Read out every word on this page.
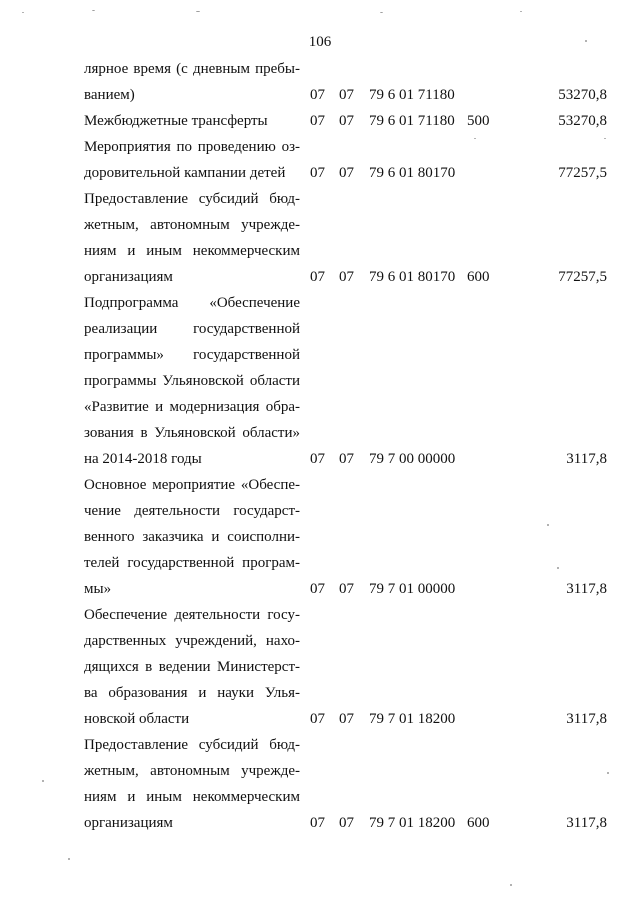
106
лярное время (с дневным пребы-
ванием)	07 07 79 6 01 71180	53270,8
Межбюджетные трансферты	07 07 79 6 01 71180 500	53270,8
Мероприятия по проведению оз-
доровительной кампании детей	07 07 79 6 01 80170	77257,5
Предоставление субсидий бюд-
жетным, автономным учрежде-
ниям и иным некоммерческим
организациям	07 07 79 6 01 80170 600	77257,5
Подпрограмма «Обеспечение
реализации государственной
программы» государственной
программы Ульяновской области
«Развитие и модернизация обра-
зования в Ульяновской области»
на 2014-2018 годы	07 07 79 7 00 00000	3117,8
Основное мероприятие «Обеспе-
чение деятельности государст-
венного заказчика и соисполни-
телей государственной програм-
мы»	07 07 79 7 01 00000	3117,8
Обеспечение деятельности госу-
дарственных учреждений, нахо-
дящихся в ведении Министерст-
ва образования и науки Улья-
новской области	07 07 79 7 01 18200	3117,8
Предоставление субсидий бюд-
жетным, автономным учрежде-
ниям и иным некоммерческим
организациям	07 07 79 7 01 18200 600	3117,8
